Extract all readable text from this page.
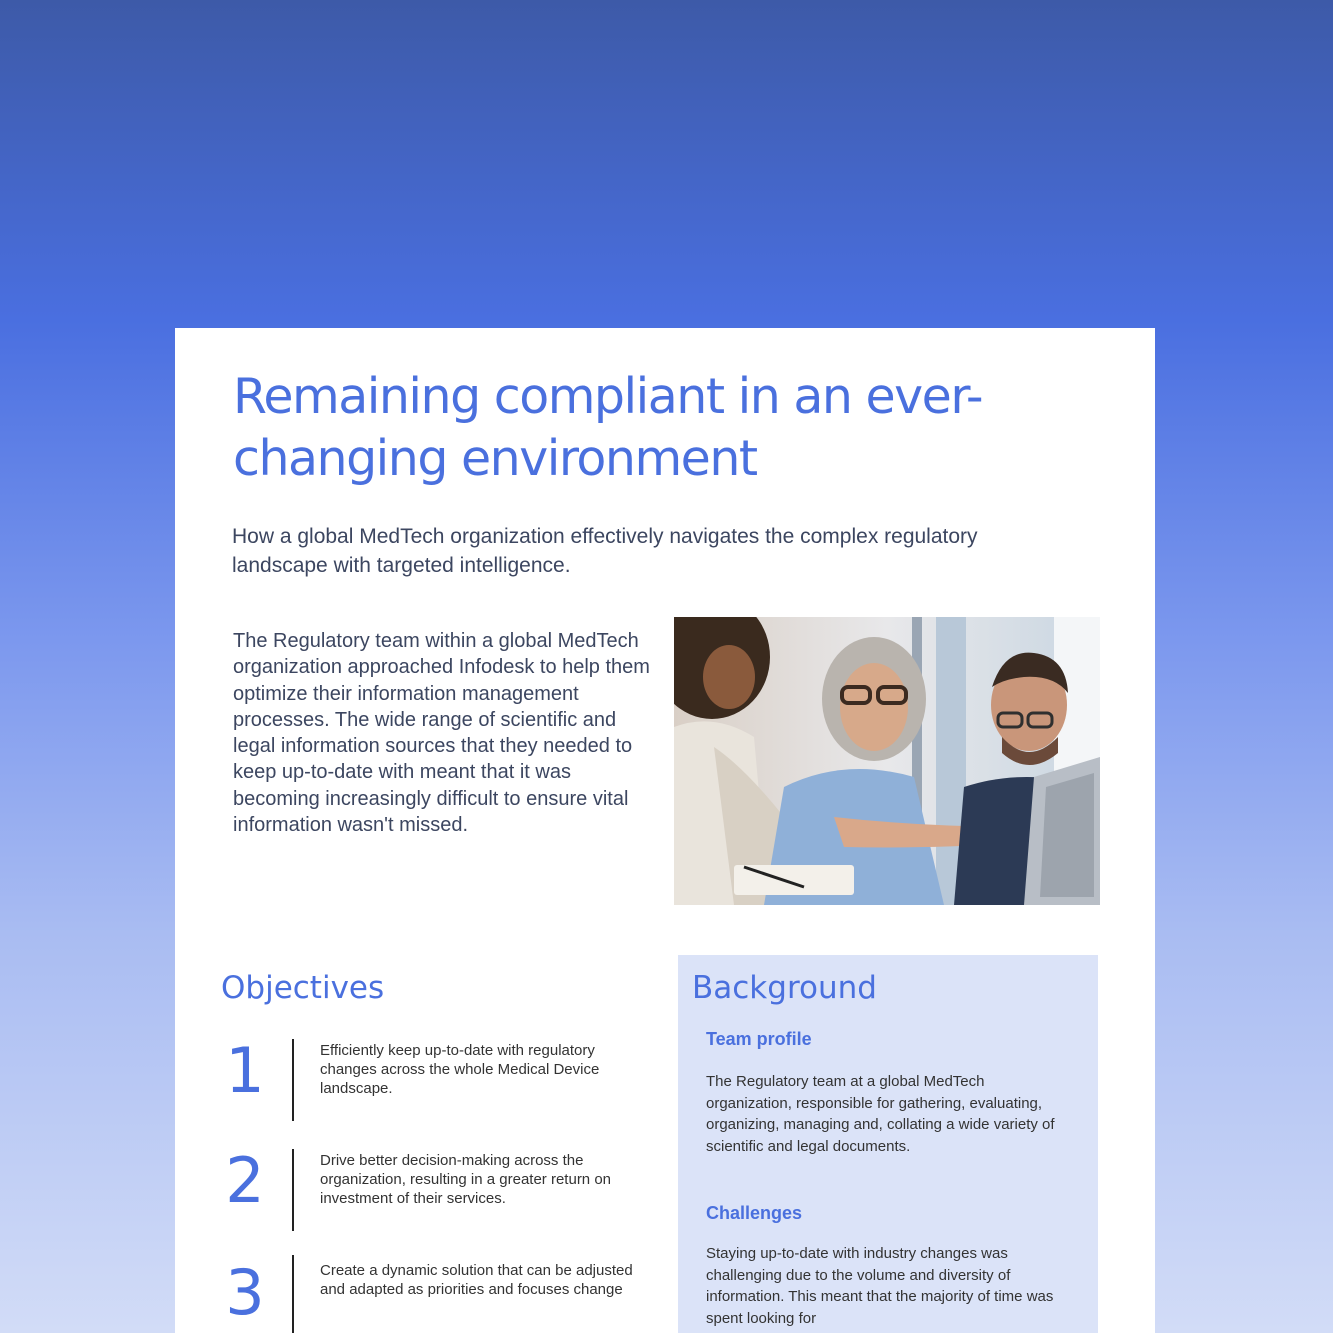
Remaining compliant in an ever-changing environment

How a global MedTech organization effectively navigates the complex regulatory landscape with targeted intelligence.

The Regulatory team within a global MedTech organization approached Infodesk to help them optimize their information management processes. The wide range of scientific and legal information sources that they needed to keep up-to-date with meant that it was becoming increasingly difficult to ensure vital information wasn't missed.

Objectives
1	Efficiently keep up-to-date with regulatory changes across the whole Medical Device landscape.
2	Drive better decision-making across the organization, resulting in a greater return on investment of their services.
3	Create a dynamic solution that can be adjusted and adapted as priorities and focuses change
Background
Team profile

The Regulatory team at a global MedTech organization, responsible for gathering, evaluating, organizing, managing and, collating a wide variety of scientific and legal documents.

Challenges

Staying up-to-date with industry changes was challenging due to the volume and diversity of information. This meant that the majority of time was spent looking for
